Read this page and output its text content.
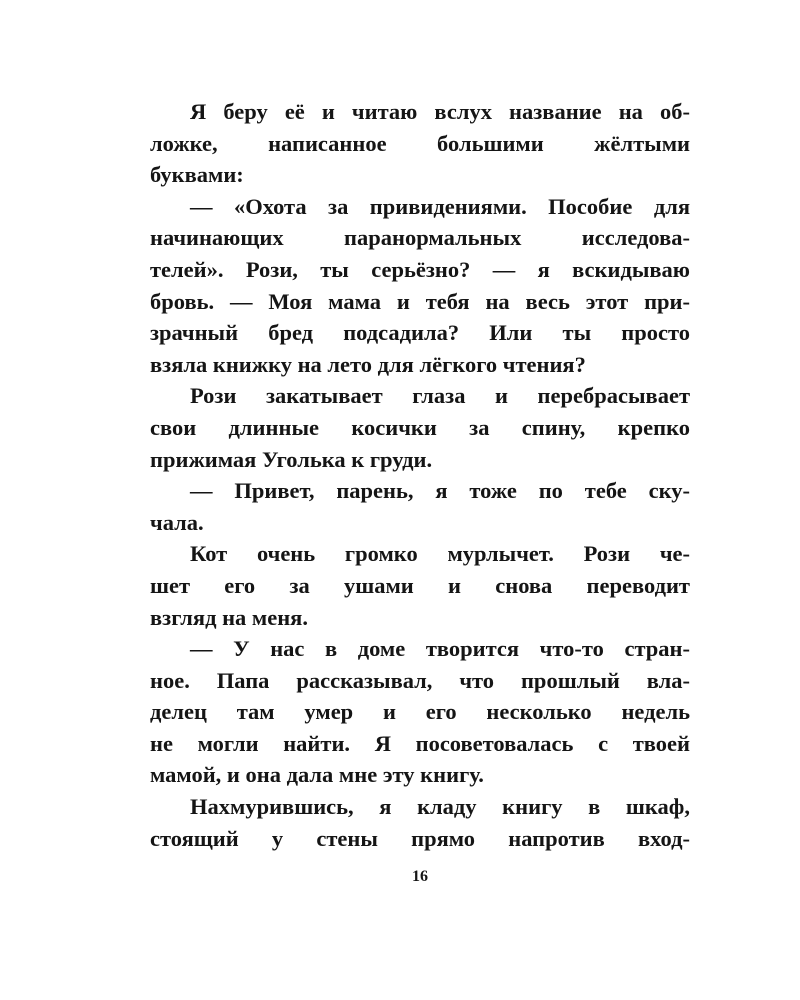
Я беру её и читаю вслух название на об-
ложке, написанное большими жёлтыми
буквами:
— «Охота за привидениями. Пособие для
начинающих паранормальных исследова-
телей». Рози, ты серьёзно? — я вскидываю
бровь. — Моя мама и тебя на весь этот при-
зрачный бред подсадила? Или ты просто
взяла книжку на лето для лёгкого чтения?
Рози закатывает глаза и перебрасывает
свои длинные косички за спину, крепко
прижимая Уголька к груди.
— Привет, парень, я тоже по тебе ску-
чала.
Кот очень громко мурлычет. Рози че-
шет его за ушами и снова переводит
взгляд на меня.
— У нас в доме творится что-то стран-
ное. Папа рассказывал, что прошлый вла-
делец там умер и его несколько недель
не могли найти. Я посоветовалась с твоей
мамой, и она дала мне эту книгу.
Нахмурившись, я кладу книгу в шкаф,
стоящий у стены прямо напротив вход-
16
